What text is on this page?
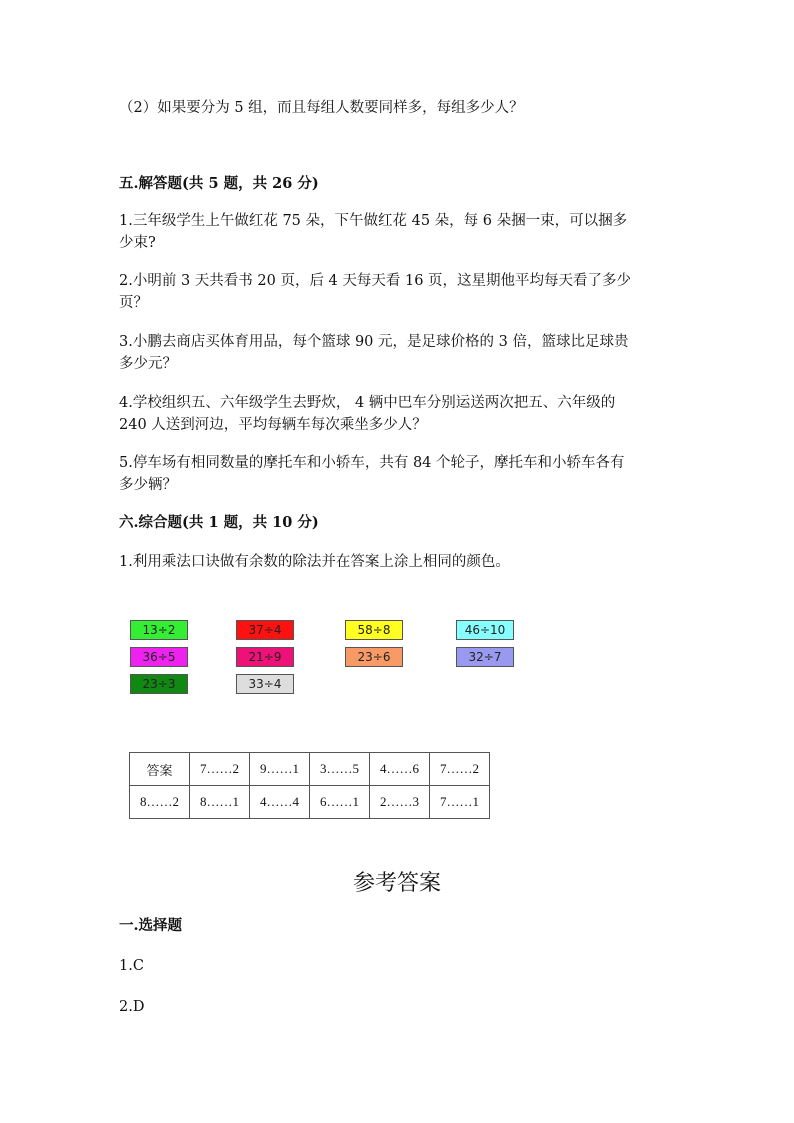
（2）如果要分为 5 组，而且每组人数要同样多，每组多少人？
五.解答题(共 5 题，共 26 分)

1.三年级学生上午做红花 75 朵，下午做红花 45 朵，每 6 朵捆一束，可以捆多

少束?

2.小明前 3 天共看书 20 页，后 4 天每天看 16 页，这星期他平均每天看了多少

页？

3.小鹏去商店买体育用品，每个篮球 90 元，是足球价格的 3 倍，篮球比足球贵

多少元？

4.学校组织五、六年级学生去野炊， 4 辆中巴车分别运送两次把五、六年级的

240 人送到河边，平均每辆车每次乘坐多少人？

5.停车场有相同数量的摩托车和小轿车，共有 84 个轮子，摩托车和小轿车各有

多少辆？

六.综合题(共 1 题，共 10 分)
1.利用乘法口诀做有余数的除法并在答案上涂上相同的颜色。
13÷2	37÷4	58÷8	46÷10
36÷5	21÷9	23÷6	32÷7
23÷3	33÷4
答案	7……2	9……1	3……5	4……6	7……2
8……2	8……1	4……4	6……1	2……3	7……1
参考答案
一.选择题
1.C
2.D
